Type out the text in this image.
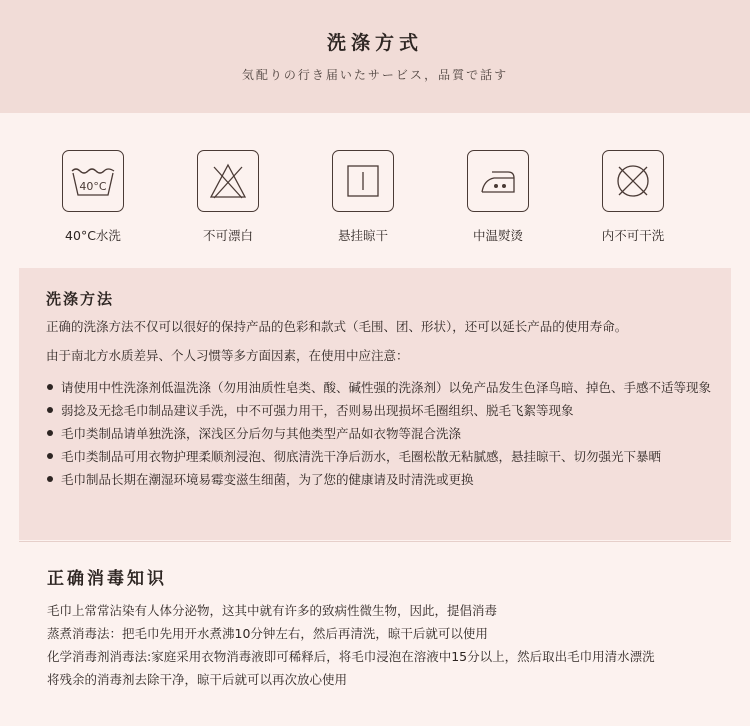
洗涤方式
気配りの行き届いたサービス，品質で話す
40°C
40°C水洗	不可漂白	悬挂晾干	中温熨烫	内不可干洗
洗涤方法
正确的洗涤方法不仅可以很好的保持产品的色彩和款式（毛围、团、形状），还可以延长产品的使用寿命。
由于南北方水质差异、个人习惯等多方面因素，在使用中应注意：
请使用中性洗涤剂低温洗涤（勿用油质性皂类、酸、碱性强的洗涤剂）以免产品发生色泽鸟暗、掉色、手感不适等现象
弱捻及无捻毛巾制品建议手洗，中不可强力用干，否则易出现损坏毛圈组织、脱毛飞絮等现象
毛巾类制品请单独洗涤，深浅区分后勿与其他类型产品如衣物等混合洗涤
毛巾类制品可用衣物护理柔顺剂浸泡、彻底清洗干净后沥水，毛圈松散无粘腻感，悬挂晾干、切勿强光下暴晒
毛巾制品长期在潮湿环境易霉变滋生细菌，为了您的健康请及时清洗或更换
正确消毒知识
毛巾上常常沾染有人体分泌物，这其中就有许多的致病性微生物，因此，提倡消毒
蒸煮消毒法：把毛巾先用开水煮沸10分钟左右，然后再清洗，晾干后就可以使用
化学消毒剂消毒法:家庭采用衣物消毒液即可稀释后，将毛巾浸泡在溶液中15分以上，然后取出毛巾用清水漂洗
将残余的消毒剂去除干净，晾干后就可以再次放心使用
